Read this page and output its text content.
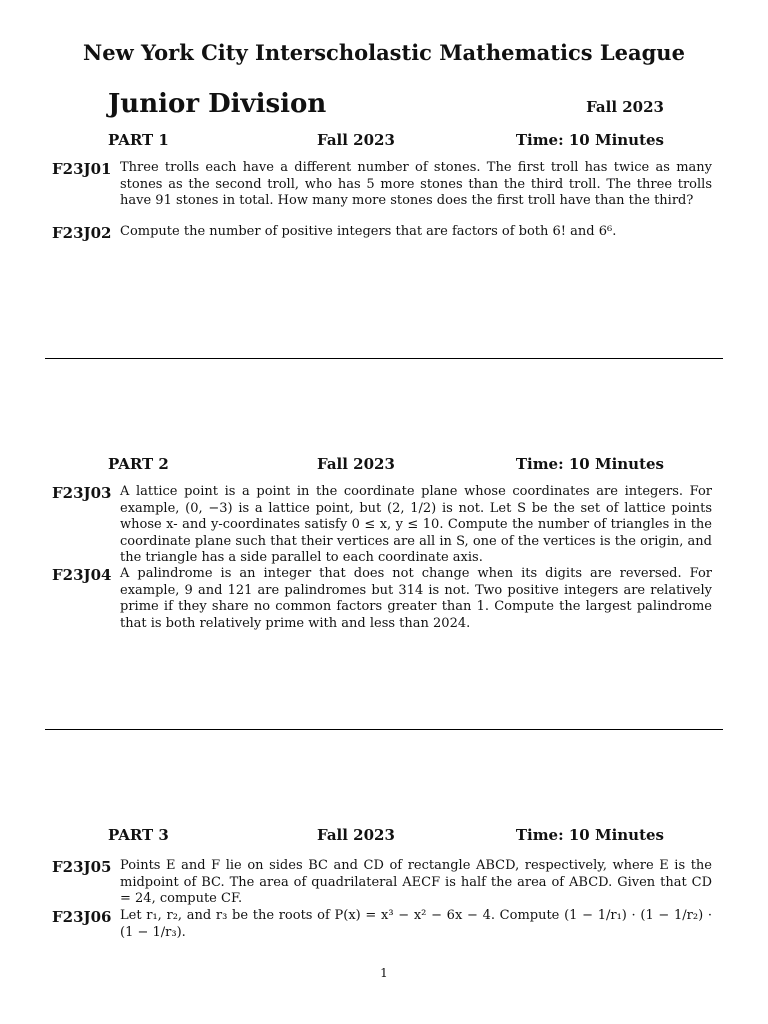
New York City Interscholastic Mathematics League
Junior Division	Fall 2023
PART 1	Fall 2023	Time: 10 Minutes
F23J01 Three trolls each have a different number of stones. The first troll has twice as many stones as the second troll, who has 5 more stones than the third troll. The three trolls have 91 stones in total. How many more stones does the first troll have than the third?
F23J02 Compute the number of positive integers that are factors of both 6! and 6⁶.
PART 2	Fall 2023	Time: 10 Minutes
F23J03 A lattice point is a point in the coordinate plane whose coordinates are integers. For example, (0, −3) is a lattice point, but (2, 1/2) is not. Let S be the set of lattice points whose x- and y-coordinates satisfy 0 ≤ x, y ≤ 10. Compute the number of triangles in the coordinate plane such that their vertices are all in S, one of the vertices is the origin, and the triangle has a side parallel to each coordinate axis.
F23J04 A palindrome is an integer that does not change when its digits are reversed. For example, 9 and 121 are palindromes but 314 is not. Two positive integers are relatively prime if they share no common factors greater than 1. Compute the largest palindrome that is both relatively prime with and less than 2024.
PART 3	Fall 2023	Time: 10 Minutes
F23J05 Points E and F lie on sides BC and CD of rectangle ABCD, respectively, where E is the midpoint of BC. The area of quadrilateral AECF is half the area of ABCD. Given that CD = 24, compute CF.
F23J06 Let r₁, r₂, and r₃ be the roots of P(x) = x³ − x² − 6x − 4. Compute (1 − 1/r₁) · (1 − 1/r₂) · (1 − 1/r₃).
1
